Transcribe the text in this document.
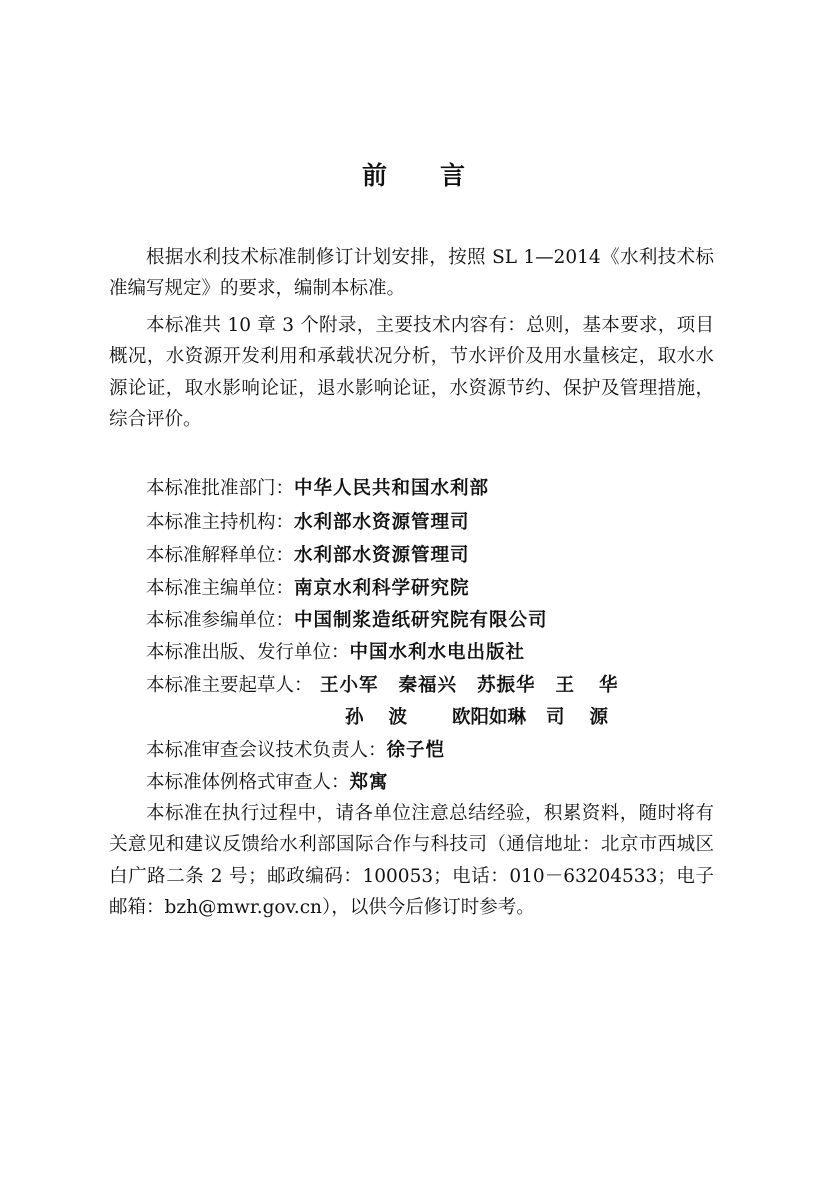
前言

根据水利技术标准制修订计划安排，按照 SL 1—2014《水利技术标准编写规定》的要求，编制本标准。

本标准共 10 章 3 个附录，主要技术内容有：总则，基本要求，项目概况，水资源开发利用和承载状况分析，节水评价及用水量核定，取水水源论证，取水影响论证，退水影响论证，水资源节约、保护及管理措施，综合评价。

本标准批准部门：中华人民共和国水利部
本标准主持机构：水利部水资源管理司
本标准解释单位：水利部水资源管理司
本标准主编单位：南京水利科学研究院
本标准参编单位：中国制浆造纸研究院有限公司
本标准出版、发行单位：中国水利水电出版社
本标准主要起草人： 王小军 秦福兴 苏振华 王华
孙波 欧阳如琳 司源
本标准审查会议技术负责人：徐子恺
本标准体例格式审查人：郑寓

本标准在执行过程中，请各单位注意总结经验，积累资料，随时将有关意见和建议反馈给水利部国际合作与科技司（通信地址：北京市西城区白广路二条 2 号；邮政编码：100053；电话：010－63204533；电子邮箱：bzh@mwr.gov.cn），以供今后修订时参考。
